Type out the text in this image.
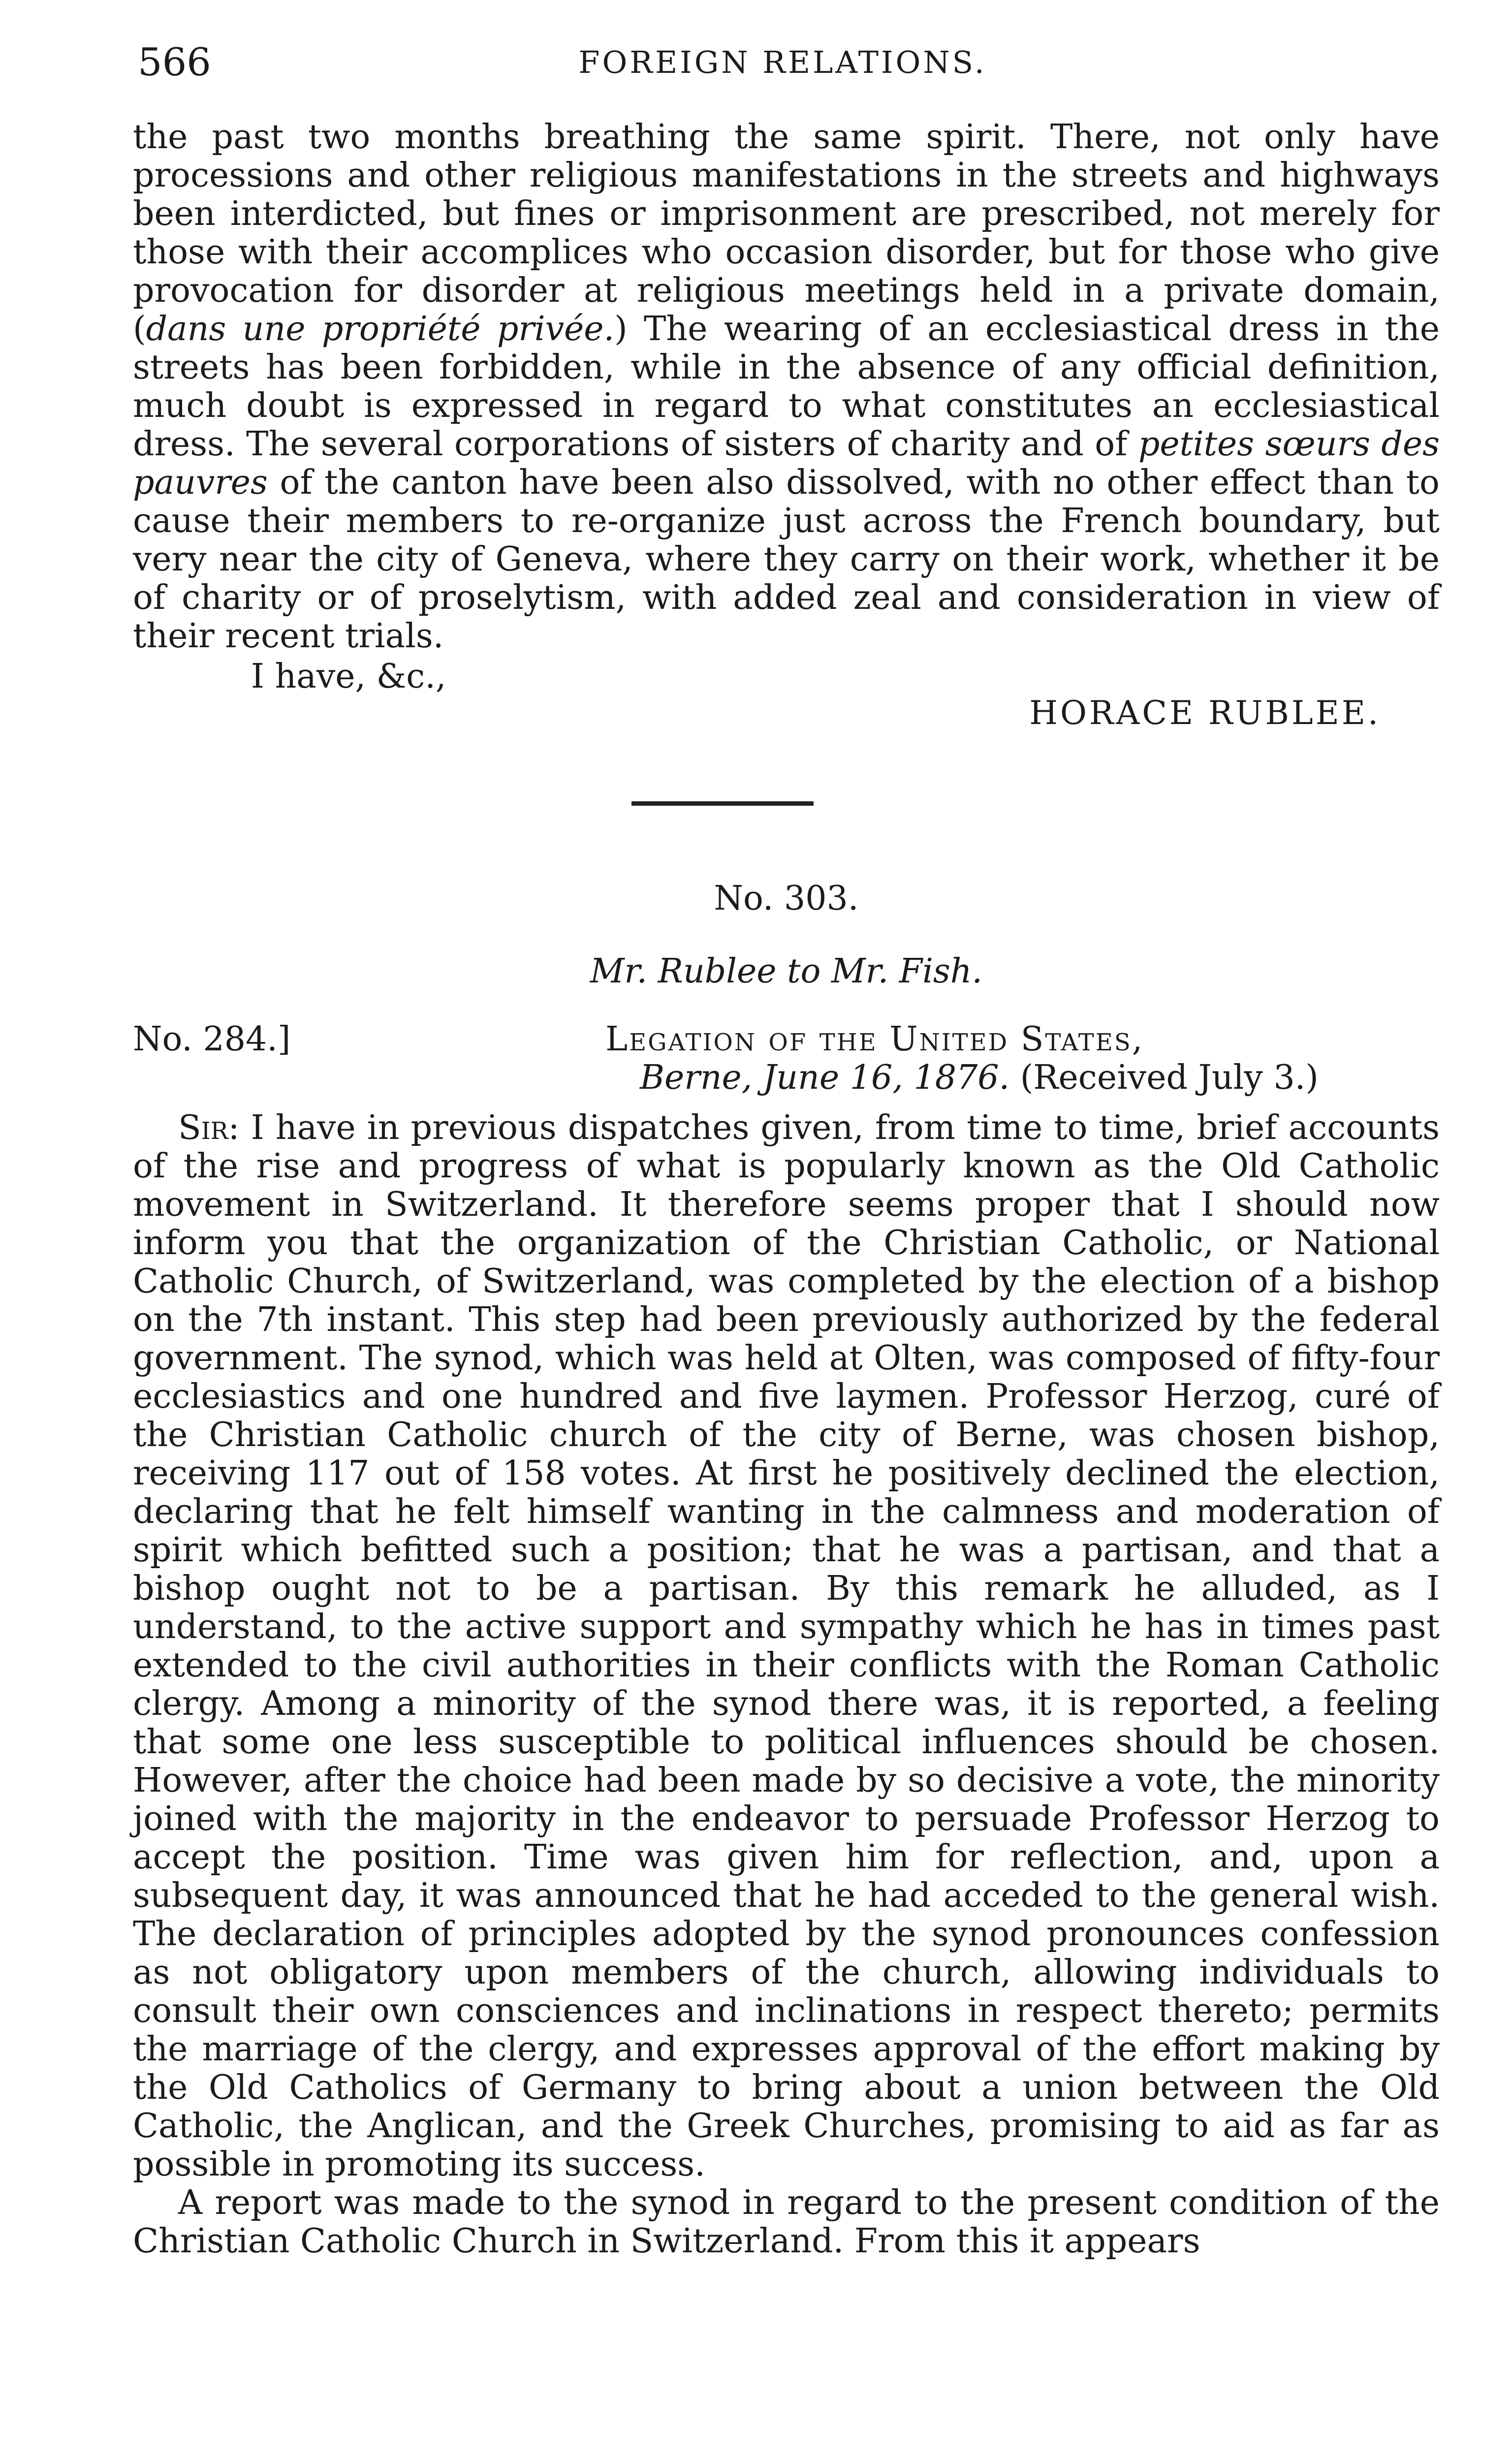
566	FOREIGN RELATIONS.

the past two months breathing the same spirit. There, not only have processions and other religious manifestations in the streets and highways been interdicted, but fines or imprisonment are prescribed, not merely for those with their accomplices who occasion disorder, but for those who give provocation for disorder at religious meetings held in a private domain, (dans une propriété privée.) The wearing of an ecclesiastical dress in the streets has been forbidden, while in the absence of any official definition, much doubt is expressed in regard to what constitutes an ecclesiastical dress. The several corporations of sisters of charity and of petites sœurs des pauvres of the canton have been also dissolved, with no other effect than to cause their members to re-organize just across the French boundary, but very near the city of Geneva, where they carry on their work, whether it be of charity or of proselytism, with added zeal and consideration in view of their recent trials.

I have, &c.,
HORACE RUBLEE.
No. 303.
Mr. Rublee to Mr. Fish.
No. 284.]	Legation of the United States,
Berne, June 16, 1876. (Received July 3.)

Sir: I have in previous dispatches given, from time to time, brief accounts of the rise and progress of what is popularly known as the Old Catholic movement in Switzerland. It therefore seems proper that I should now inform you that the organization of the Christian Catholic, or National Catholic Church, of Switzerland, was completed by the election of a bishop on the 7th instant. This step had been previously authorized by the federal government. The synod, which was held at Olten, was composed of fifty-four ecclesiastics and one hundred and five laymen. Professor Herzog, curé of the Christian Catholic church of the city of Berne, was chosen bishop, receiving 117 out of 158 votes. At first he positively declined the election, declaring that he felt himself wanting in the calmness and moderation of spirit which befitted such a position; that he was a partisan, and that a bishop ought not to be a partisan. By this remark he alluded, as I understand, to the active support and sympathy which he has in times past extended to the civil authorities in their conflicts with the Roman Catholic clergy. Among a minority of the synod there was, it is reported, a feeling that some one less susceptible to political influences should be chosen. However, after the choice had been made by so decisive a vote, the minority joined with the majority in the endeavor to persuade Professor Herzog to accept the position. Time was given him for reflection, and, upon a subsequent day, it was announced that he had acceded to the general wish. The declaration of principles adopted by the synod pronounces confession as not obligatory upon members of the church, allowing individuals to consult their own consciences and inclinations in respect thereto; permits the marriage of the clergy, and expresses approval of the effort making by the Old Catholics of Germany to bring about a union between the Old Catholic, the Anglican, and the Greek Churches, promising to aid as far as possible in promoting its success.

A report was made to the synod in regard to the present condition of the Christian Catholic Church in Switzerland. From this it appears
